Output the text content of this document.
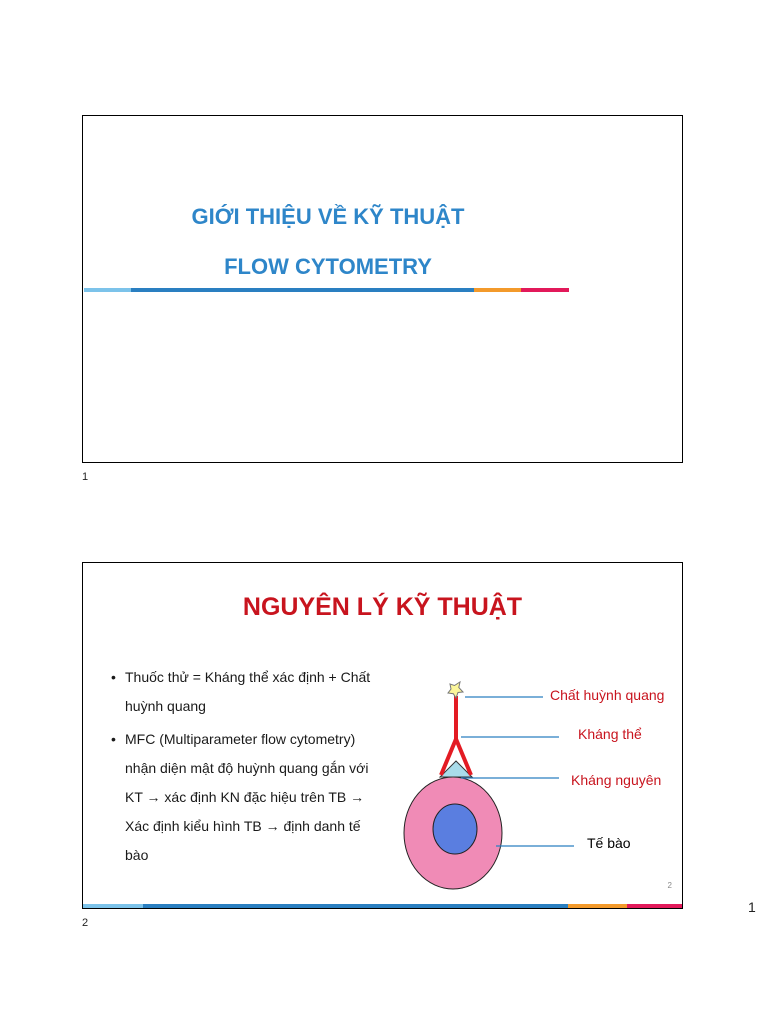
GIỚI THIỆU VỀ KỸ THUẬT
FLOW CYTOMETRY
1
NGUYÊN LÝ KỸ THUẬT
• Thuốc thử = Kháng thể xác định + Chất huỳnh quang
• MFC (Multiparameter flow cytometry) nhận diện mật độ huỳnh quang gắn với KT → xác định KN đặc hiệu trên TB → Xác định kiểu hình TB → định danh tế bào
Chất huỳnh quang
Kháng thể
Kháng nguyên
Tế bào
2
2
1
